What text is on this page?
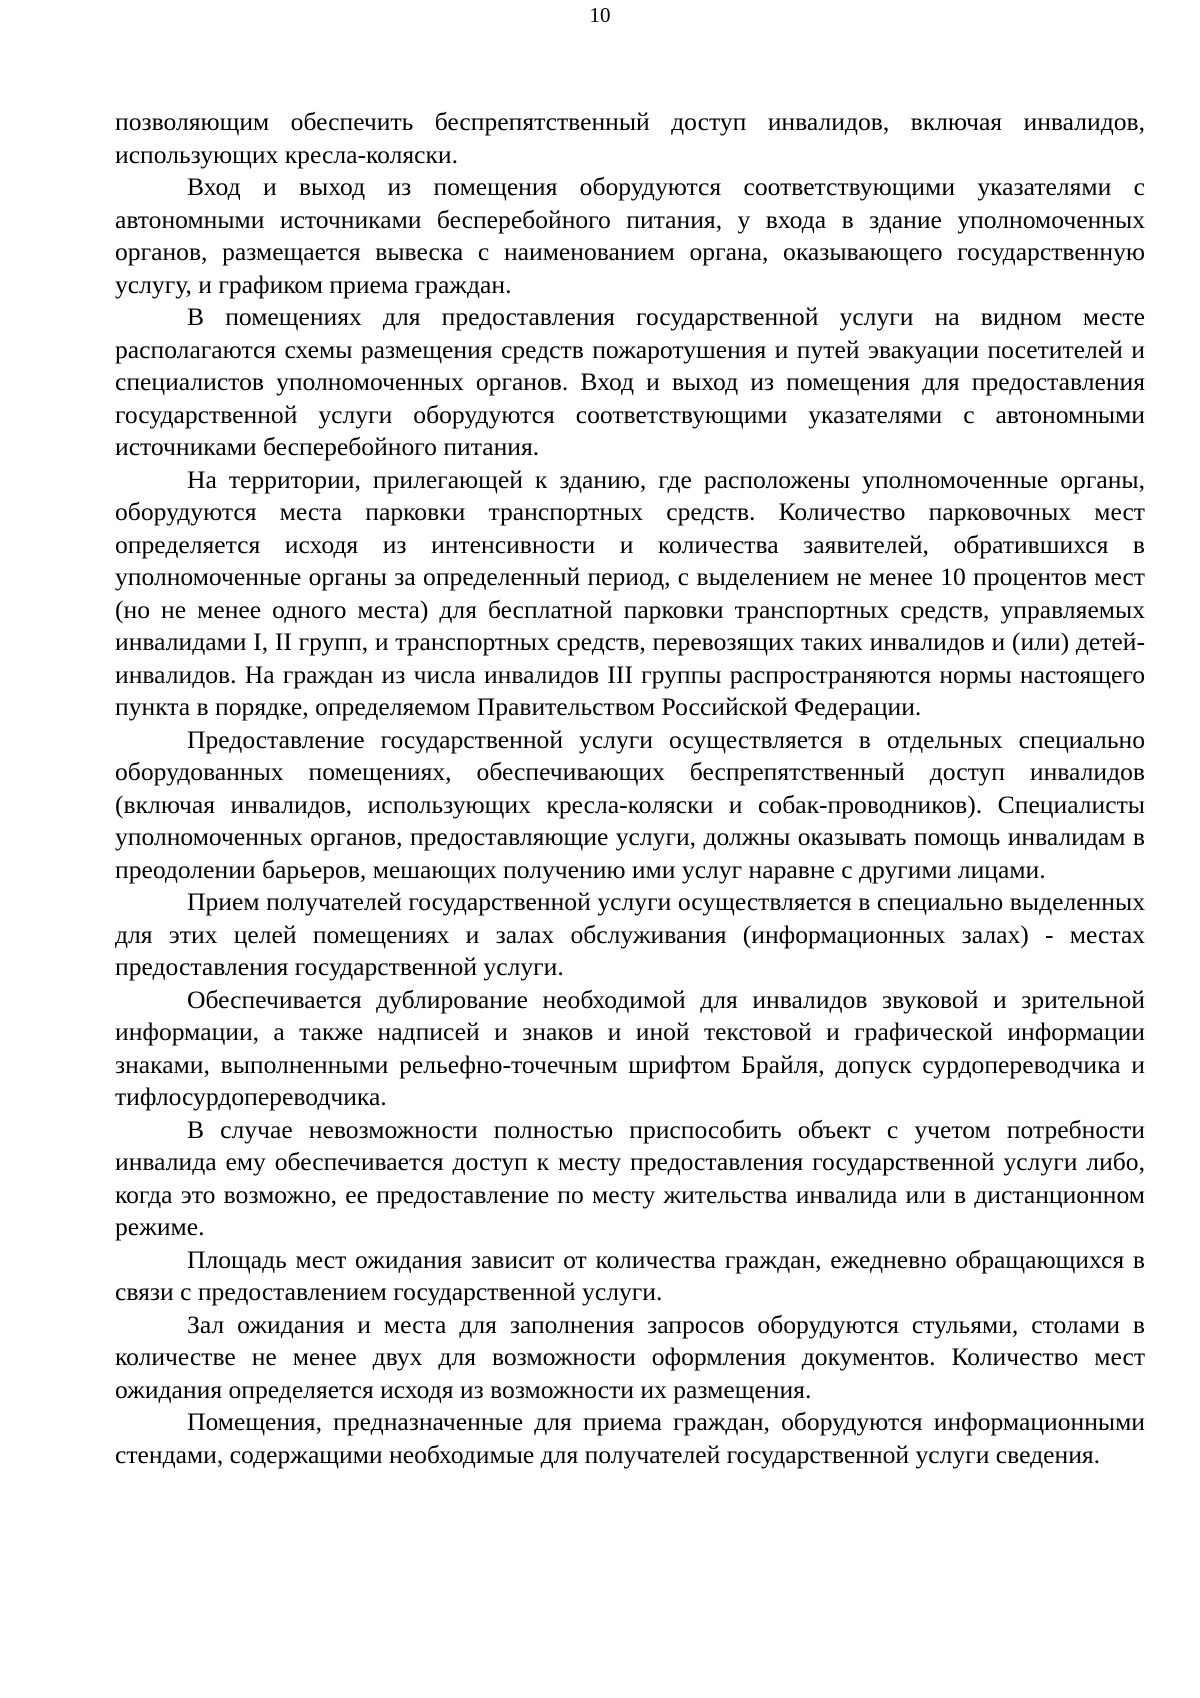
10

позволяющим обеспечить беспрепятственный доступ инвалидов, включая инвалидов, использующих кресла-коляски.

Вход и выход из помещения оборудуются соответствующими указателями с автономными источниками бесперебойного питания, у входа в здание уполномоченных органов, размещается вывеска с наименованием органа, оказывающего государственную услугу, и графиком приема граждан.

В помещениях для предоставления государственной услуги на видном месте располагаются схемы размещения средств пожаротушения и путей эвакуации посетителей и специалистов уполномоченных органов. Вход и выход из помещения для предоставления государственной услуги оборудуются соответствующими указателями с автономными источниками бесперебойного питания.

На территории, прилегающей к зданию, где расположены уполномоченные органы, оборудуются места парковки транспортных средств. Количество парковочных мест определяется исходя из интенсивности и количества заявителей, обратившихся в уполномоченные органы за определенный период, с выделением не менее 10 процентов мест (но не менее одного места) для бесплатной парковки транспортных средств, управляемых инвалидами I, II групп, и транспортных средств, перевозящих таких инвалидов и (или) детей-инвалидов. На граждан из числа инвалидов III группы распространяются нормы настоящего пункта в порядке, определяемом Правительством Российской Федерации.

Предоставление государственной услуги осуществляется в отдельных специально оборудованных помещениях, обеспечивающих беспрепятственный доступ инвалидов (включая инвалидов, использующих кресла-коляски и собак-проводников). Специалисты уполномоченных органов, предоставляющие услуги, должны оказывать помощь инвалидам в преодолении барьеров, мешающих получению ими услуг наравне с другими лицами.

Прием получателей государственной услуги осуществляется в специально выделенных для этих целей помещениях и залах обслуживания (информационных залах) - местах предоставления государственной услуги.

Обеспечивается дублирование необходимой для инвалидов звуковой и зрительной информации, а также надписей и знаков и иной текстовой и графической информации знаками, выполненными рельефно-точечным шрифтом Брайля, допуск сурдопереводчика и тифлосурдопереводчика.

В случае невозможности полностью приспособить объект с учетом потребности инвалида ему обеспечивается доступ к месту предоставления государственной услуги либо, когда это возможно, ее предоставление по месту жительства инвалида или в дистанционном режиме.

Площадь мест ожидания зависит от количества граждан, ежедневно обращающихся в связи с предоставлением государственной услуги.

Зал ожидания и места для заполнения запросов оборудуются стульями, столами в количестве не менее двух для возможности оформления документов. Количество мест ожидания определяется исходя из возможности их размещения.

Помещения, предназначенные для приема граждан, оборудуются информационными стендами, содержащими необходимые для получателей государственной услуги сведения.
